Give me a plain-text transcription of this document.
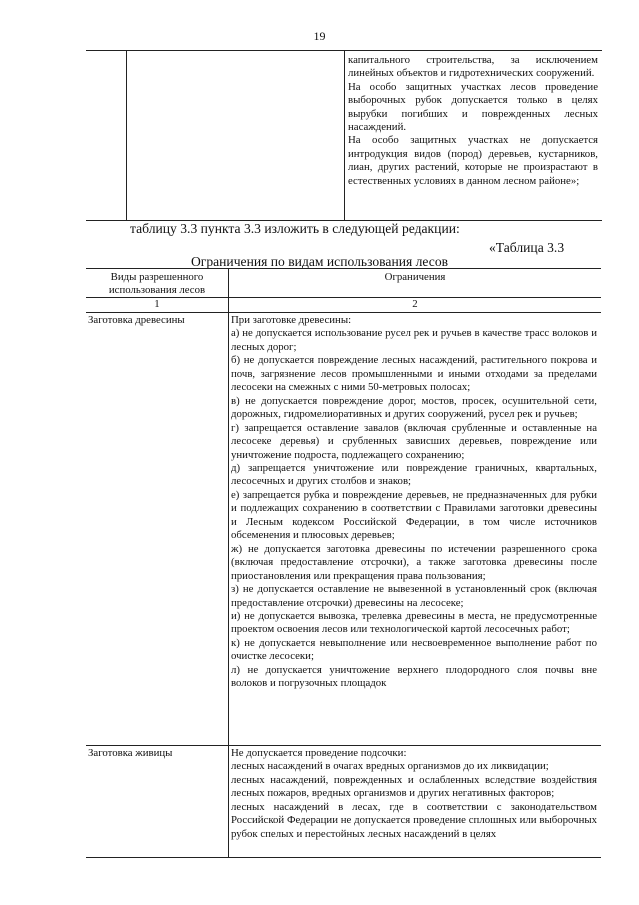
19

капитального строительства, за исключением линейных объектов и гидротехнических сооружений.

На особо защитных участках лесов проведение выборочных рубок допускается только в целях вырубки погибших и поврежденных лесных насаждений.

На особо защитных участках не допускается интродукция видов (пород) деревьев, кустарников, лиан, других растений, которые не произрастают в естественных условиях в данном лесном районе»;

таблицу 3.3 пункта 3.3 изложить в следующей редакции:
«Таблица 3.3
Ограничения по видам использования лесов
Виды разрешенного использования лесов
Ограничения
1	2
Заготовка древесины	При заготовке древесины:

а) не допускается использование русел рек и ручьев в качестве трасс волоков и лесных дорог;

б) не допускается повреждение лесных насаждений, растительного покрова и почв, загрязнение лесов промышленными и иными отходами за пределами лесосеки на смежных с ними 50-метровых полосах;

в) не допускается повреждение дорог, мостов, просек, осушительной сети, дорожных, гидромелиоративных и других сооружений, русел рек и ручьев;

г) запрещается оставление завалов (включая срубленные и оставленные на лесосеке деревья) и срубленных зависших деревьев, повреждение или уничтожение подроста, подлежащего сохранению;

д) запрещается уничтожение или повреждение граничных, квартальных, лесосечных и других столбов и знаков;

е) запрещается рубка и повреждение деревьев, не предназначенных для рубки и подлежащих сохранению в соответствии с Правилами заготовки древесины и Лесным кодексом Российской Федерации, в том числе источников обсеменения и плюсовых деревьев;

ж) не допускается заготовка древесины по истечении разрешенного срока (включая предоставление отсрочки), а также заготовка древесины после приостановления или прекращения права пользования;

з) не допускается оставление не вывезенной в установленный срок (включая предоставление отсрочки) древесины на лесосеке;

и) не допускается вывозка, трелевка древесины в места, не предусмотренные проектом освоения лесов или технологической картой лесосечных работ;

к) не допускается невыполнение или несвоевременное выполнение работ по очистке лесосеки;

л) не допускается уничтожение верхнего плодородного слоя почвы вне волоков и погрузочных площадок

Заготовка живицы	Не допускается проведение подсочки:

лесных насаждений в очагах вредных организмов до их ликвидации;

лесных насаждений, поврежденных и ослабленных вследствие воздействия лесных пожаров, вредных организмов и других негативных факторов;

лесных насаждений в лесах, где в соответствии с законодательством Российской Федерации не допускается проведение сплошных или выборочных рубок спелых и перестойных лесных насаждений в целях
